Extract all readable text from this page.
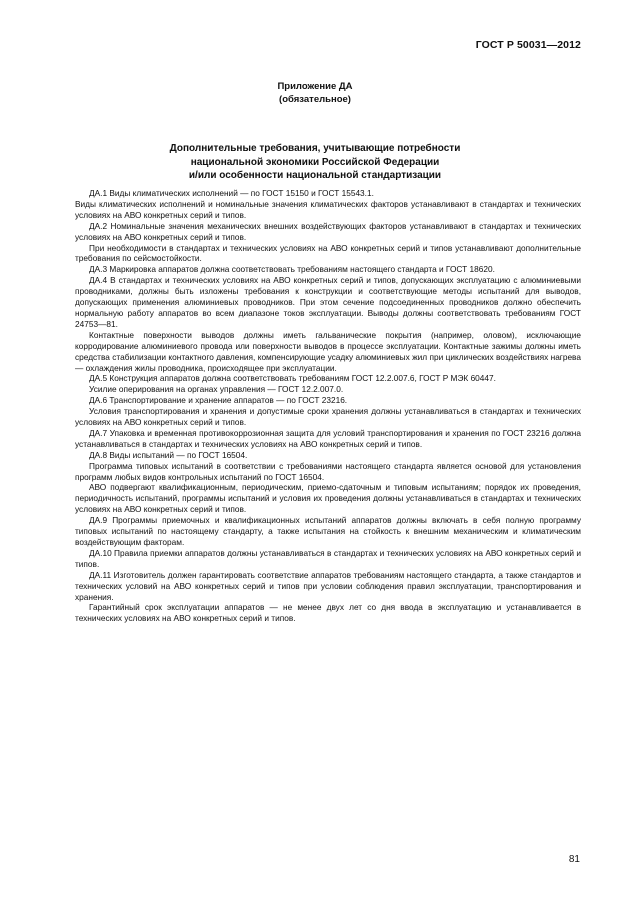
ГОСТ Р 50031—2012
Приложение ДА
(обязательное)
Дополнительные требования, учитывающие потребности
национальной экономики Российской Федерации
и/или особенности национальной стандартизации

ДА.1 Виды климатических исполнений — по ГОСТ 15150 и ГОСТ 15543.1.

Виды климатических исполнений и номинальные значения климатических факторов устанавливают в стандартах и технических условиях на АВО конкретных серий и типов.

ДА.2 Номинальные значения механических внешних воздействующих факторов устанавливают в стандартах и технических условиях на АВО конкретных серий и типов.

При необходимости в стандартах и технических условиях на АВО конкретных серий и типов устанавливают дополнительные требования по сейсмостойкости.

ДА.3 Маркировка аппаратов должна соответствовать требованиям настоящего стандарта и ГОСТ 18620.

ДА.4 В стандартах и технических условиях на АВО конкретных серий и типов, допускающих эксплуатацию с алюминиевыми проводниками, должны быть изложены требования к конструкции и соответствующие методы испытаний для выводов, допускающих применения алюминиевых проводников. При этом сечение подсоединенных проводников должно обеспечить нормальную работу аппаратов во всем диапазоне токов эксплуатации. Выводы должны соответствовать требованиям ГОСТ 24753—81.

Контактные поверхности выводов должны иметь гальванические покрытия (например, оловом), исключающие корродирование алюминиевого провода или поверхности выводов в процессе эксплуатации. Контактные зажимы должны иметь средства стабилизации контактного давления, компенсирующие усадку алюминиевых жил при циклических воздействиях нагрева — охлаждения жилы проводника, происходящее при эксплуатации.

ДА.5 Конструкция аппаратов должна соответствовать требованиям ГОСТ 12.2.007.6, ГОСТ Р МЭК 60447.

Усилие оперирования на органах управления — ГОСТ 12.2.007.0.

ДА.6 Транспортирование и хранение аппаратов — по ГОСТ 23216.

Условия транспортирования и хранения и допустимые сроки хранения должны устанавливаться в стандартах и технических условиях на АВО конкретных серий и типов.

ДА.7 Упаковка и временная противокоррозионная защита для условий транспортирования и хранения по ГОСТ 23216 должна устанавливаться в стандартах и технических условиях на АВО конкретных серий и типов.

ДА.8 Виды испытаний — по ГОСТ 16504.

Программа типовых испытаний в соответствии с требованиями настоящего стандарта является основой для установления программ любых видов контрольных испытаний по ГОСТ 16504.

АВО подвергают квалификационным, периодическим, приемо-сдаточным и типовым испытаниям; порядок их проведения, периодичность испытаний, программы испытаний и условия их проведения должны устанавливаться в стандартах и технических условиях на АВО конкретных серий и типов.

ДА.9 Программы приемочных и квалификационных испытаний аппаратов должны включать в себя полную программу типовых испытаний по настоящему стандарту, а также испытания на стойкость к внешним механическим и климатическим воздействующим факторам.

ДА.10 Правила приемки аппаратов должны устанавливаться в стандартах и технических условиях на АВО конкретных серий и типов.

ДА.11 Изготовитель должен гарантировать соответствие аппаратов требованиям настоящего стандарта, а также стандартов и технических условий на АВО конкретных серий и типов при условии соблюдения правил эксплуатации, транспортирования и хранения.

Гарантийный срок эксплуатации аппаратов — не менее двух лет со дня ввода в эксплуатацию и устанавливается в технических условиях на АВО конкретных серий и типов.

81
